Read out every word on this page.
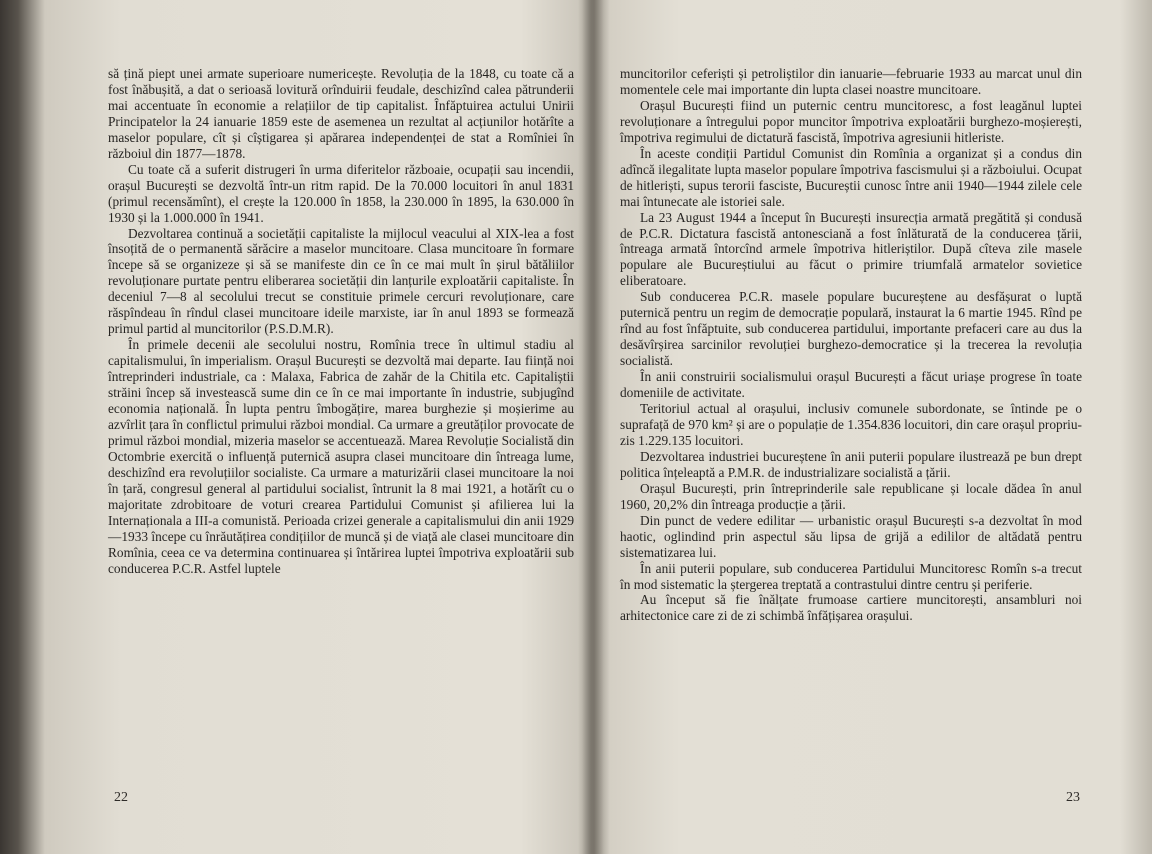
să țină piept unei armate superioare numericește. Revoluția de la 1848, cu toate că a fost înăbușită, a dat o serioasă lovitură orînduirii feudale, deschizînd calea pătrunderii mai accentuate în economie a relațiilor de tip capitalist. Înfăptuirea actului Unirii Principatelor la 24 ianuarie 1859 este de asemenea un rezultat al acțiunilor hotărîte a maselor populare, cît și cîștigarea și apărarea independenței de stat a Romîniei în războiul din 1877—1878.

Cu toate că a suferit distrugeri în urma diferitelor războaie, ocupații sau incendii, orașul București se dezvoltă într-un ritm rapid. De la 70.000 locuitori în anul 1831 (primul recensămînt), el crește la 120.000 în 1858, la 230.000 în 1895, la 630.000 în 1930 și la 1.000.000 în 1941.

Dezvoltarea continuă a societății capitaliste la mijlocul veacului al XIX-lea a fost însoțită de o permanentă sărăcire a maselor muncitoare. Clasa muncitoare în formare începe să se organizeze și să se manifeste din ce în ce mai mult în șirul bătăliilor revoluționare purtate pentru eliberarea societății din lanțurile exploatării capitaliste. În deceniul 7—8 al secolului trecut se constituie primele cercuri revoluționare, care răspîndeau în rîndul clasei muncitoare ideile marxiste, iar în anul 1893 se formează primul partid al muncitorilor (P.S.D.M.R).

În primele decenii ale secolului nostru, Romînia trece în ultimul stadiu al capitalismului, în imperialism. Orașul București se dezvoltă mai departe. Iau ființă noi întreprinderi industriale, ca : Malaxa, Fabrica de zahăr de la Chitila etc. Capitaliștii străini încep să investească sume din ce în ce mai importante în industrie, subjugînd economia națională. În lupta pentru îmbogățire, marea burghezie și moșierime au azvîrlit țara în conflictul primului război mondial. Ca urmare a greutăților provocate de primul război mondial, mizeria maselor se accentuează. Marea Revoluție Socialistă din Octombrie exercită o influență puternică asupra clasei muncitoare din întreaga lume, deschizînd era revoluțiilor socialiste. Ca urmare a maturizării clasei muncitoare la noi în țară, congresul general al partidului socialist, întrunit la 8 mai 1921, a hotărît cu o majoritate zdrobitoare de voturi crearea Partidului Comunist și afilierea lui la Internaționala a III-a comunistă. Perioada crizei generale a capitalismului din anii 1929—1933 începe cu înrăutățirea condițiilor de muncă și de viață ale clasei muncitoare din Romînia, ceea ce va determina continuarea și întărirea luptei împotriva exploatării sub conducerea P.C.R. Astfel luptele

22

muncitorilor ceferiști și petroliștilor din ianuarie—februarie 1933 au marcat unul din momentele cele mai importante din lupta clasei noastre muncitoare.

Orașul București fiind un puternic centru muncitoresc, a fost leagănul luptei revoluționare a întregului popor muncitor împotriva exploatării burghezo-moșierești, împotriva regimului de dictatură fascistă, împotriva agresiunii hitleriste.

În aceste condiții Partidul Comunist din Romînia a organizat și a condus din adîncă ilegalitate lupta maselor populare împotriva fascismului și a războiului. Ocupat de hitleriști, supus terorii fasciste, Bucureștii cunosc între anii 1940—1944 zilele cele mai întunecate ale istoriei sale.

La 23 August 1944 a început în București insurecția armată pregătită și condusă de P.C.R. Dictatura fascistă antonesciană a fost înlăturată de la conducerea țării, întreaga armată întorcînd armele împotriva hitleriștilor. După cîteva zile masele populare ale Bucureștiului au făcut o primire triumfală armatelor sovietice eliberatoare.

Sub conducerea P.C.R. masele populare bucureștene au desfășurat o luptă puternică pentru un regim de democrație populară, instaurat la 6 martie 1945. Rînd pe rînd au fost înfăptuite, sub conducerea partidului, importante prefaceri care au dus la desăvîrșirea sarcinilor revoluției burghezo-democratice și la trecerea la revoluția socialistă.

În anii construirii socialismului orașul București a făcut uriașe progrese în toate domeniile de activitate.

Teritoriul actual al orașului, inclusiv comunele subordonate, se întinde pe o suprafață de 970 km² și are o populație de 1.354.836 locuitori, din care orașul propriu-zis 1.229.135 locuitori.

Dezvoltarea industriei bucureștene în anii puterii populare ilustrează pe bun drept politica înțeleaptă a P.M.R. de industrializare socialistă a țării.

Orașul București, prin întreprinderile sale republicane și locale dădea în anul 1960, 20,2% din întreaga producție a țării.

Din punct de vedere edilitar — urbanistic orașul București s-a dezvoltat în mod haotic, oglindind prin aspectul său lipsa de grijă a edililor de altădată pentru sistematizarea lui.

În anii puterii populare, sub conducerea Partidului Muncitoresc Romîn s-a trecut în mod sistematic la ștergerea treptată a contrastului dintre centru și periferie.

Au început să fie înălțate frumoase cartiere muncitorești, ansambluri noi arhitectonice care zi de zi schimbă înfățișarea orașului.

23
